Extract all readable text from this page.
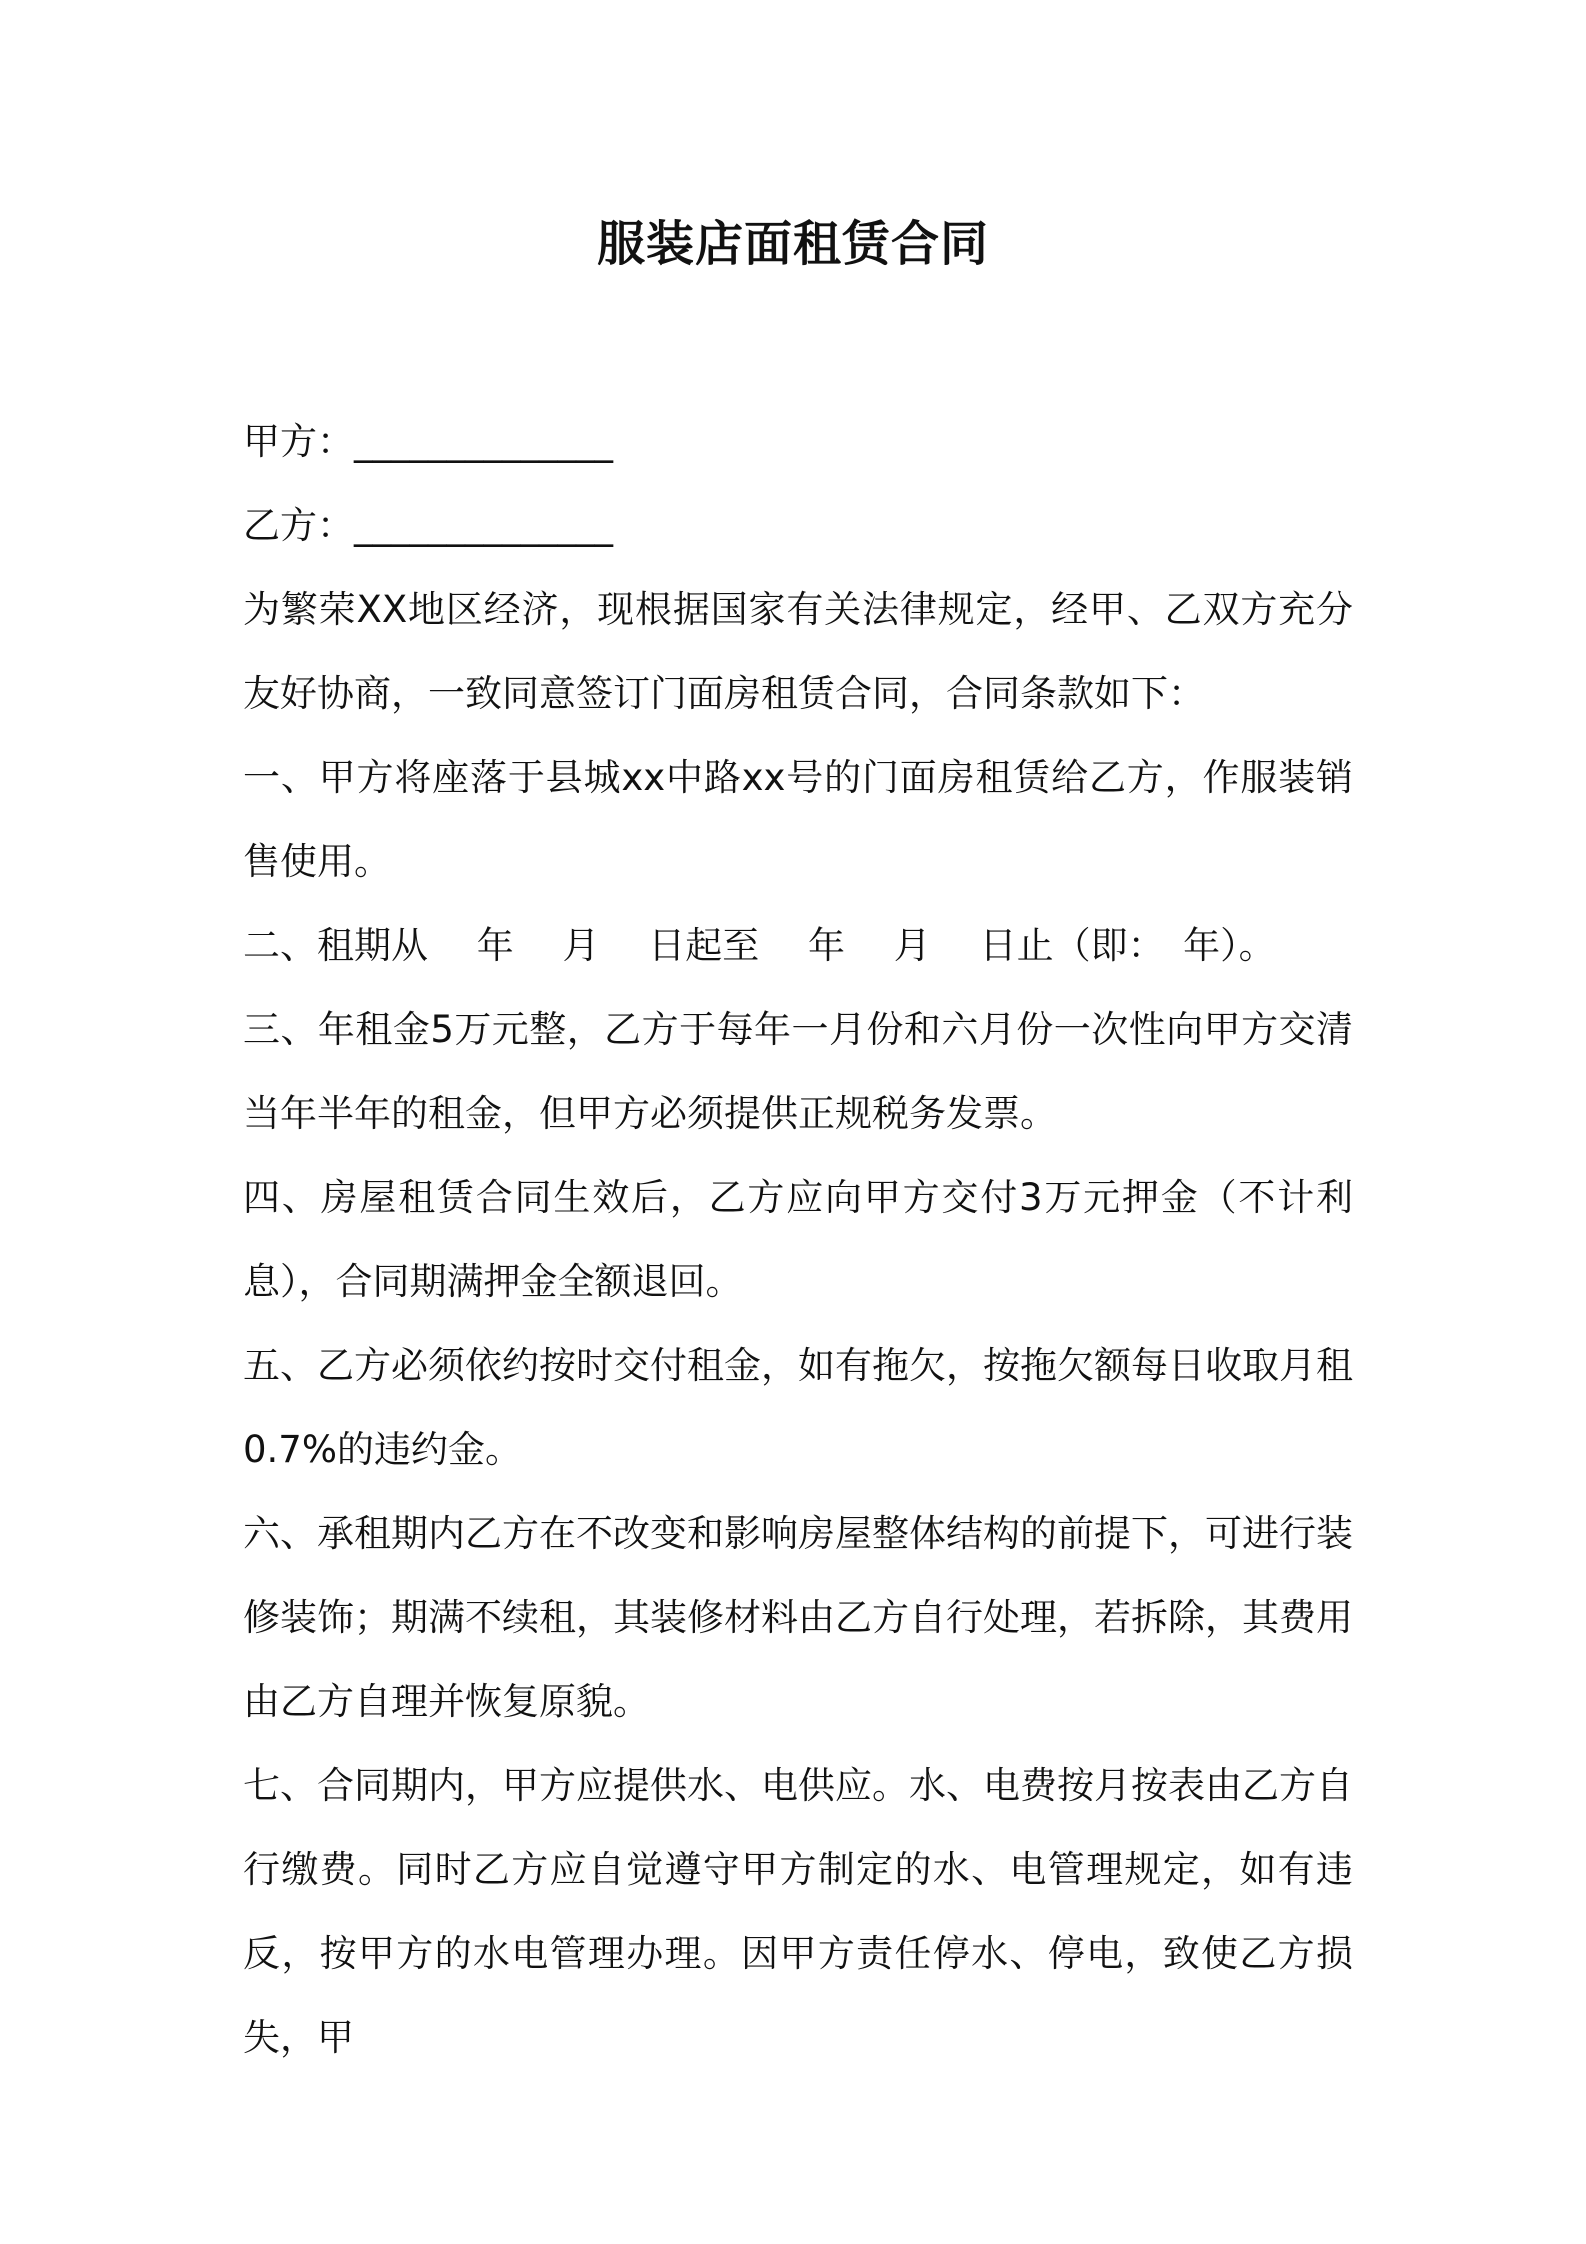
服装店面租赁合同

甲方：______________

乙方：______________

为繁荣XX地区经济，现根据国家有关法律规定，经甲、乙双方充分友好协商，一致同意签订门面房租赁合同，合同条款如下：

一、甲方将座落于县城xx中路xx号的门面房租赁给乙方，作服装销售使用。

二、租期从　 年　 月　 日起至　 年　 月　 日止（即：　年）。

三、年租金5万元整，乙方于每年一月份和六月份一次性向甲方交清当年半年的租金，但甲方必须提供正规税务发票。

四、房屋租赁合同生效后，乙方应向甲方交付3万元押金（不计利息），合同期满押金全额退回。

五、乙方必须依约按时交付租金，如有拖欠，按拖欠额每日收取月租0.7%的违约金。

六、承租期内乙方在不改变和影响房屋整体结构的前提下，可进行装修装饰；期满不续租，其装修材料由乙方自行处理，若拆除，其费用由乙方自理并恢复原貌。

七、合同期内，甲方应提供水、电供应。水、电费按月按表由乙方自行缴费。同时乙方应自觉遵守甲方制定的水、电管理规定，如有违反，按甲方的水电管理办理。因甲方责任停水、停电，致使乙方损失，甲
